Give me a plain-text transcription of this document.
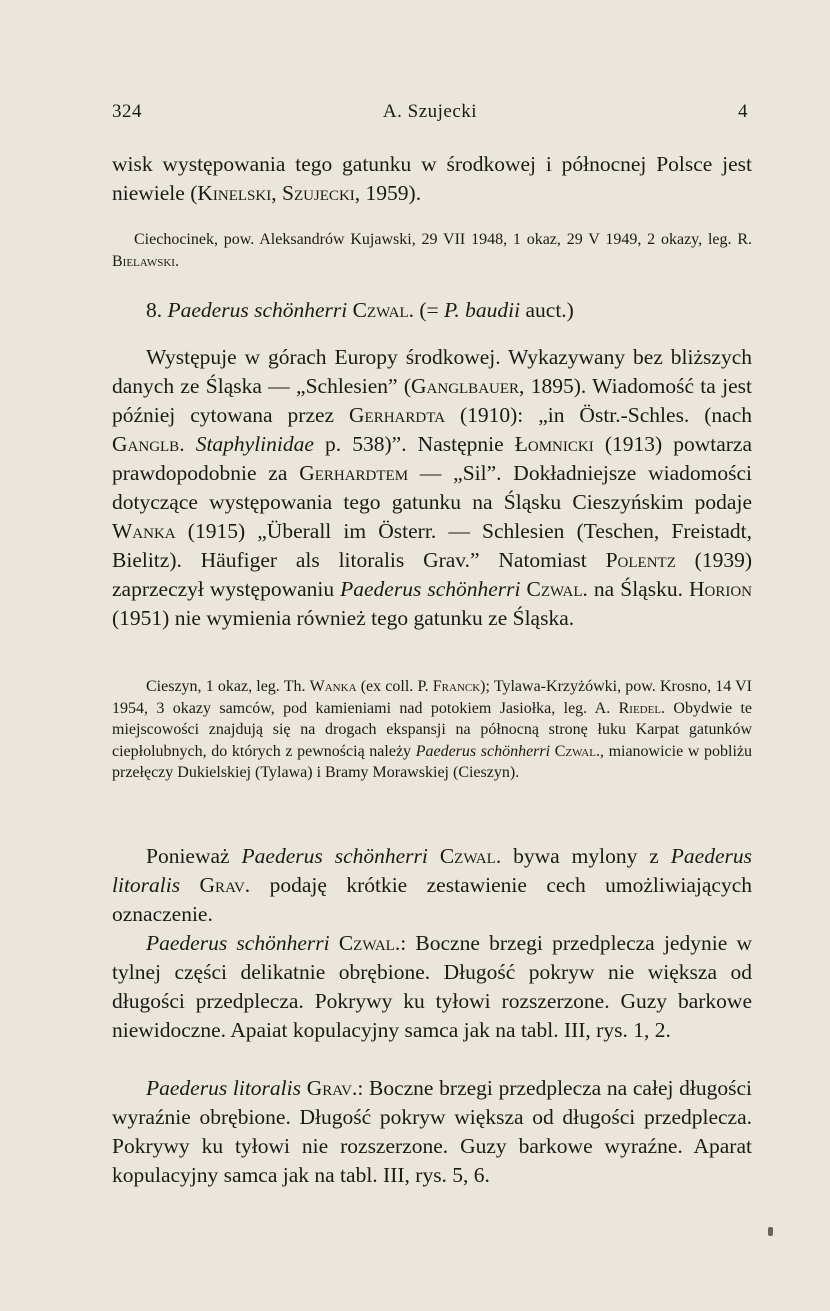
324	A. Szujecki	4

wisk występowania tego gatunku w środkowej i północnej Polsce jest niewiele (Kinelski, Szujecki, 1959).

Ciechocinek, pow. Aleksandrów Kujawski, 29 VII 1948, 1 okaz, 29 V 1949, 2 okazy, leg. R. Bielawski.

8. Paederus schönherri Czwal. (= P. baudii auct.)

Występuje w górach Europy środkowej. Wykazywany bez bliższych danych ze Śląska — „Schlesien” (Ganglbauer, 1895). Wiadomość ta jest później cytowana przez Gerhardta (1910): „in Östr.-Schles. (nach Ganglb. Staphylinidae p. 538)”. Następnie Łomnicki (1913) powtarza prawdopodobnie za Gerhardtem — „Sil”. Dokładniejsze wiadomości dotyczące występowania tego gatunku na Śląsku Cieszyńskim podaje Wanka (1915) „Überall im Österr. — Schlesien (Teschen, Freistadt, Bielitz). Häufiger als litoralis Grav.” Natomiast Polentz (1939) zaprzeczył występowaniu Paederus schönherri Czwal. na Śląsku. Horion (1951) nie wymienia również tego gatunku ze Śląska.

Cieszyn, 1 okaz, leg. Th. Wanka (ex coll. P. Franck); Tylawa-Krzyżówki, pow. Krosno, 14 VI 1954, 3 okazy samców, pod kamieniami nad potokiem Jasiołka, leg. A. Riedel. Obydwie te miejscowości znajdują się na drogach ekspansji na północną stronę łuku Karpat gatunków ciepłolubnych, do których z pewnością należy Paederus schönherri Czwal., mianowicie w pobliżu przełęczy Dukielskiej (Tylawa) i Bramy Morawskiej (Cieszyn).

Ponieważ Paederus schönherri Czwal. bywa mylony z Paederus litoralis Grav. podaję krótkie zestawienie cech umożliwiających oznaczenie.

Paederus schönherri Czwal.: Boczne brzegi przedplecza jedynie w tylnej części delikatnie obrębione. Długość pokryw nie większa od długości przedplecza. Pokrywy ku tyłowi rozszerzone. Guzy barkowe niewidoczne. Apaiat kopulacyjny samca jak na tabl. III, rys. 1, 2.

Paederus litoralis Grav.: Boczne brzegi przedplecza na całej długości wyraźnie obrębione. Długość pokryw większa od długości przedplecza. Pokrywy ku tyłowi nie rozszerzone. Guzy barkowe wyraźne. Aparat kopulacyjny samca jak na tabl. III, rys. 5, 6.
